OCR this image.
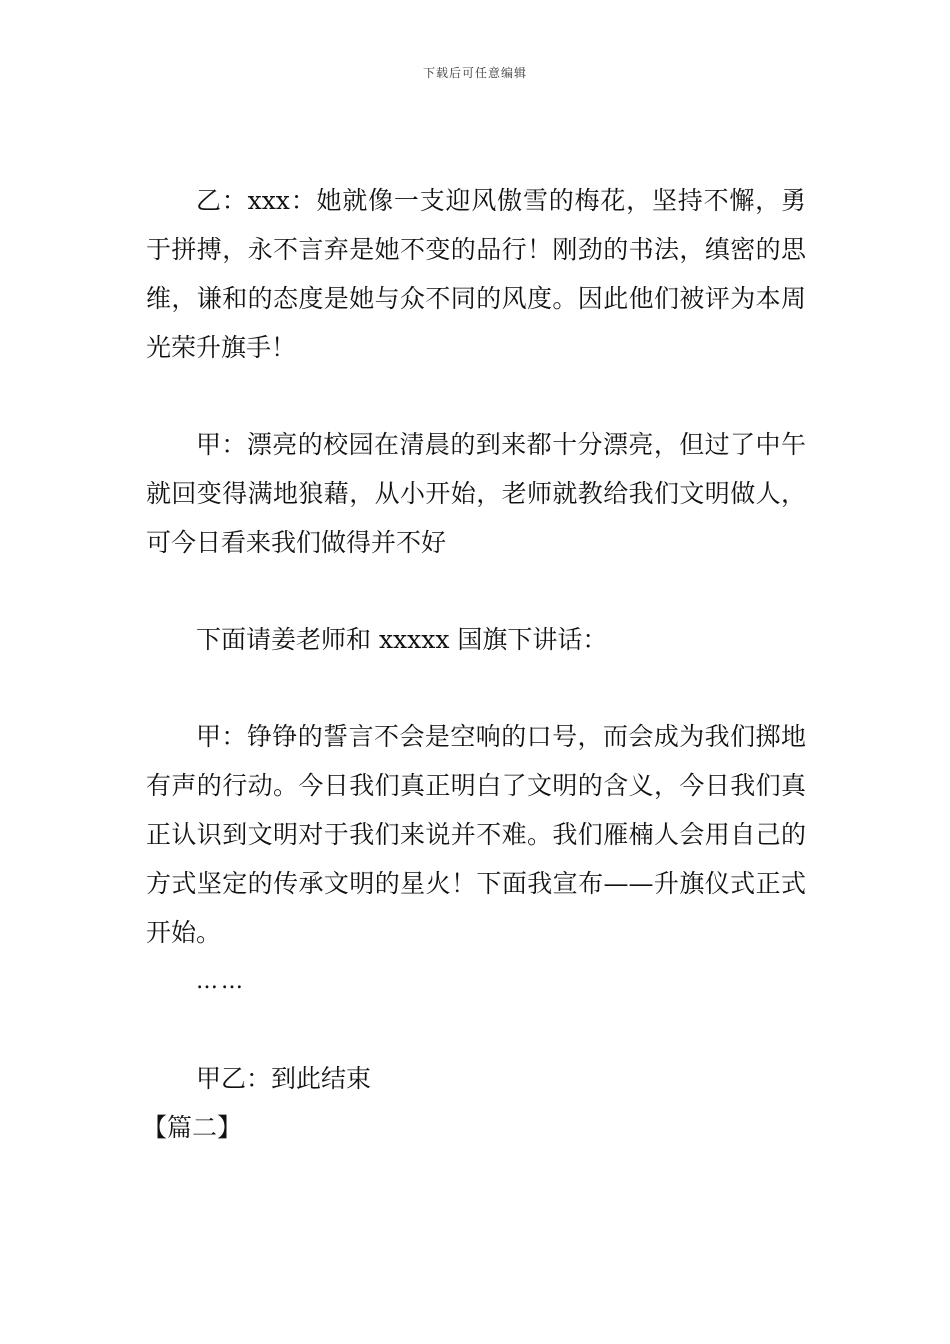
下载后可任意编辑

乙：xxx：她就像一支迎风傲雪的梅花，坚持不懈，勇于拼搏，永不言弃是她不变的品行！刚劲的书法，缜密的思维，谦和的态度是她与众不同的风度。因此他们被评为本周光荣升旗手！

甲：漂亮的校园在清晨的到来都十分漂亮，但过了中午就回变得满地狼藉，从小开始，老师就教给我们文明做人，可今日看来我们做得并不好

下面请姜老师和 xxxxx 国旗下讲话：

甲：铮铮的誓言不会是空响的口号，而会成为我们掷地有声的行动。今日我们真正明白了文明的含义，今日我们真正认识到文明对于我们来说并不难。我们雁楠人会用自己的方式坚定的传承文明的星火！下面我宣布——升旗仪式正式开始。

……

甲乙：到此结束

【篇二】
